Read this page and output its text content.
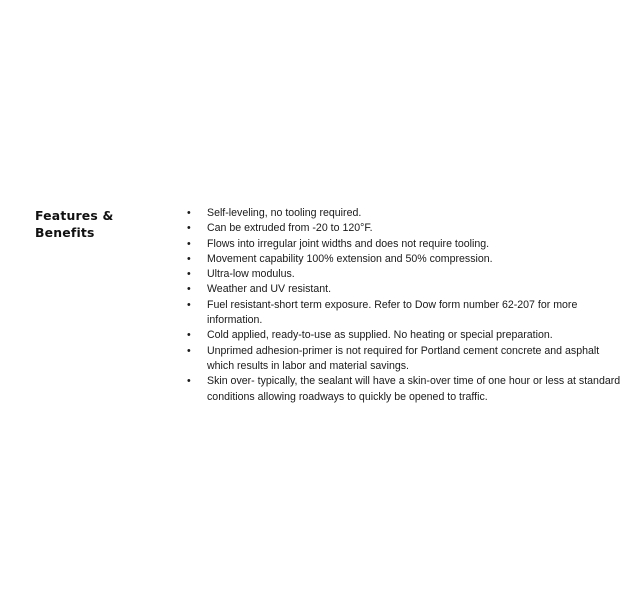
Features &
Benefits
• Self-leveling, no tooling required.
• Can be extruded from -20 to 120°F.
• Flows into irregular joint widths and does not require tooling.
• Movement capability 100% extension and 50% compression.
• Ultra-low modulus.
• Weather and UV resistant.
• Fuel resistant-short term exposure. Refer to Dow form number 62-207 for more information.
• Cold applied, ready-to-use as supplied. No heating or special preparation.
• Unprimed adhesion-primer is not required for Portland cement concrete and asphalt which results in labor and material savings.
• Skin over- typically, the sealant will have a skin-over time of one hour or less at standard conditions allowing roadways to quickly be opened to traffic.
